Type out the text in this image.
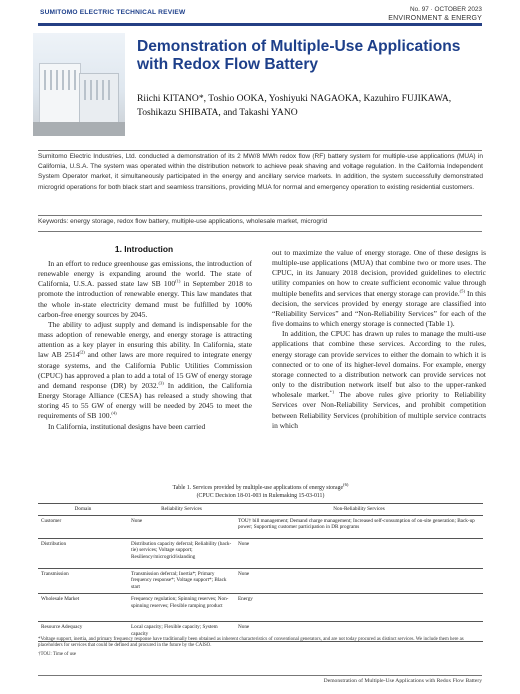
SUMITOMO ELECTRIC TECHNICAL REVIEW	No. 97 · OCTOBER 2023
ENVIRONMENT & ENERGY
Demonstration of Multiple-Use Applications with Redox Flow Battery
Riichi KITANO*, Toshio OOKA, Yoshiyuki NAGAOKA, Kazuhiro FUJIKAWA, Toshikazu SHIBATA, and Takashi YANO
Sumitomo Electric Industries, Ltd. conducted a demonstration of its 2 MW/8 MWh redox flow (RF) battery system for multiple-use applications (MUA) in California, U.S.A. The system was operated within the distribution network to achieve peak shaving and voltage regulation. In the California Independent System Operator market, it simultaneously participated in the energy and ancillary service markets. In addition, the system successfully demonstrated microgrid operations for both black start and seamless transitions, providing MUA for normal and emergency operation to existing residential customers.
Keywords: energy storage, redox flow battery, multiple-use applications, wholesale market, microgrid
1. Introduction

In an effort to reduce greenhouse gas emissions, the introduction of renewable energy is expanding around the world. The state of California, U.S.A. passed state law SB 100$^{(1)}$ in September 2018 to promote the introduction of renewable energy. This law mandates that the whole in-state electricity demand must be fulfilled by 100% carbon-free energy sources by 2045.

The ability to adjust supply and demand is indispensable for the mass adoption of renewable energy, and energy storage is attracting attention as a key player in ensuring this ability. In California, state law AB 2514$^{(2)}$ and other laws are more required to integrate energy storage systems, and the California Public Utilities Commission (CPUC) has approved a plan to add a total of 15 GW of energy storage and demand response (DR) by 2032.$^{(3)}$ In addition, the California Energy Storage Alliance (CESA) has released a study showing that storing 45 to 55 GW of energy will be needed by 2045 to meet the requirements of SB 100.$^{(4)}$

In California, institutional designs have been carried

out to maximize the value of energy storage. One of these designs is multiple-use applications (MUA) that combine two or more uses. The CPUC, in its January 2018 decision, provided guidelines to electric utility companies on how to create sufficient economic value through multiple benefits and services that energy storage can provide.$^{(5)}$ In this decision, the services provided by energy storage are classified into “Reliability Services” and “Non-Reliability Services” for each of the five domains to which energy storage is connected (Table 1).

In addition, the CPUC has drawn up rules to manage the multi-use applications that combine these services. According to the rules, energy storage can provide services to either the domain to which it is connected or to one of its higher-level domains. For example, energy storage connected to a distribution network can provide services not only to the distribution network itself but also to the upper-ranked wholesale market.$^{*1}$ The above rules give priority to Reliability Services over Non-Reliability Services, and prohibit competition between Reliability Services (prohibition of multiple service contracts in which

Table 1. Services provided by multiple-use applications of energy storage$^{(6)}$
(CPUC Decision 18-01-003 in Rulemaking 15-03-011)
Domain	Reliability Services	Non-Reliability Services
Customer	None	TOU† bill management; Demand charge management; Increased self-consumption of on-site generation; Back-up power; Supporting customer participation in DR programs
Distribution	Distribution capacity deferral; Reliability (back-tie) services; Voltage support; Resiliency/microgrid/islanding	None
Transmission	Transmission deferral; Inertia*; Primary frequency response*; Voltage support*; Black start	None
Wholesale Market	Frequency regulation; Spinning reserves; Non-spinning reserves; Flexible ramping product	Energy
Resource Adequacy	Local capacity; Flexible capacity; System capacity	None
*Voltage support, inertia, and primary frequency response have traditionally been obtained as inherent characteristics of conventional generators, and are not today procured as distinct services. We include them here as placeholders for services that could be defined and procured in the future by the CAISO.
†TOU: Time of use
Demonstration of Multiple-Use Applications with Redox Flow Battery
